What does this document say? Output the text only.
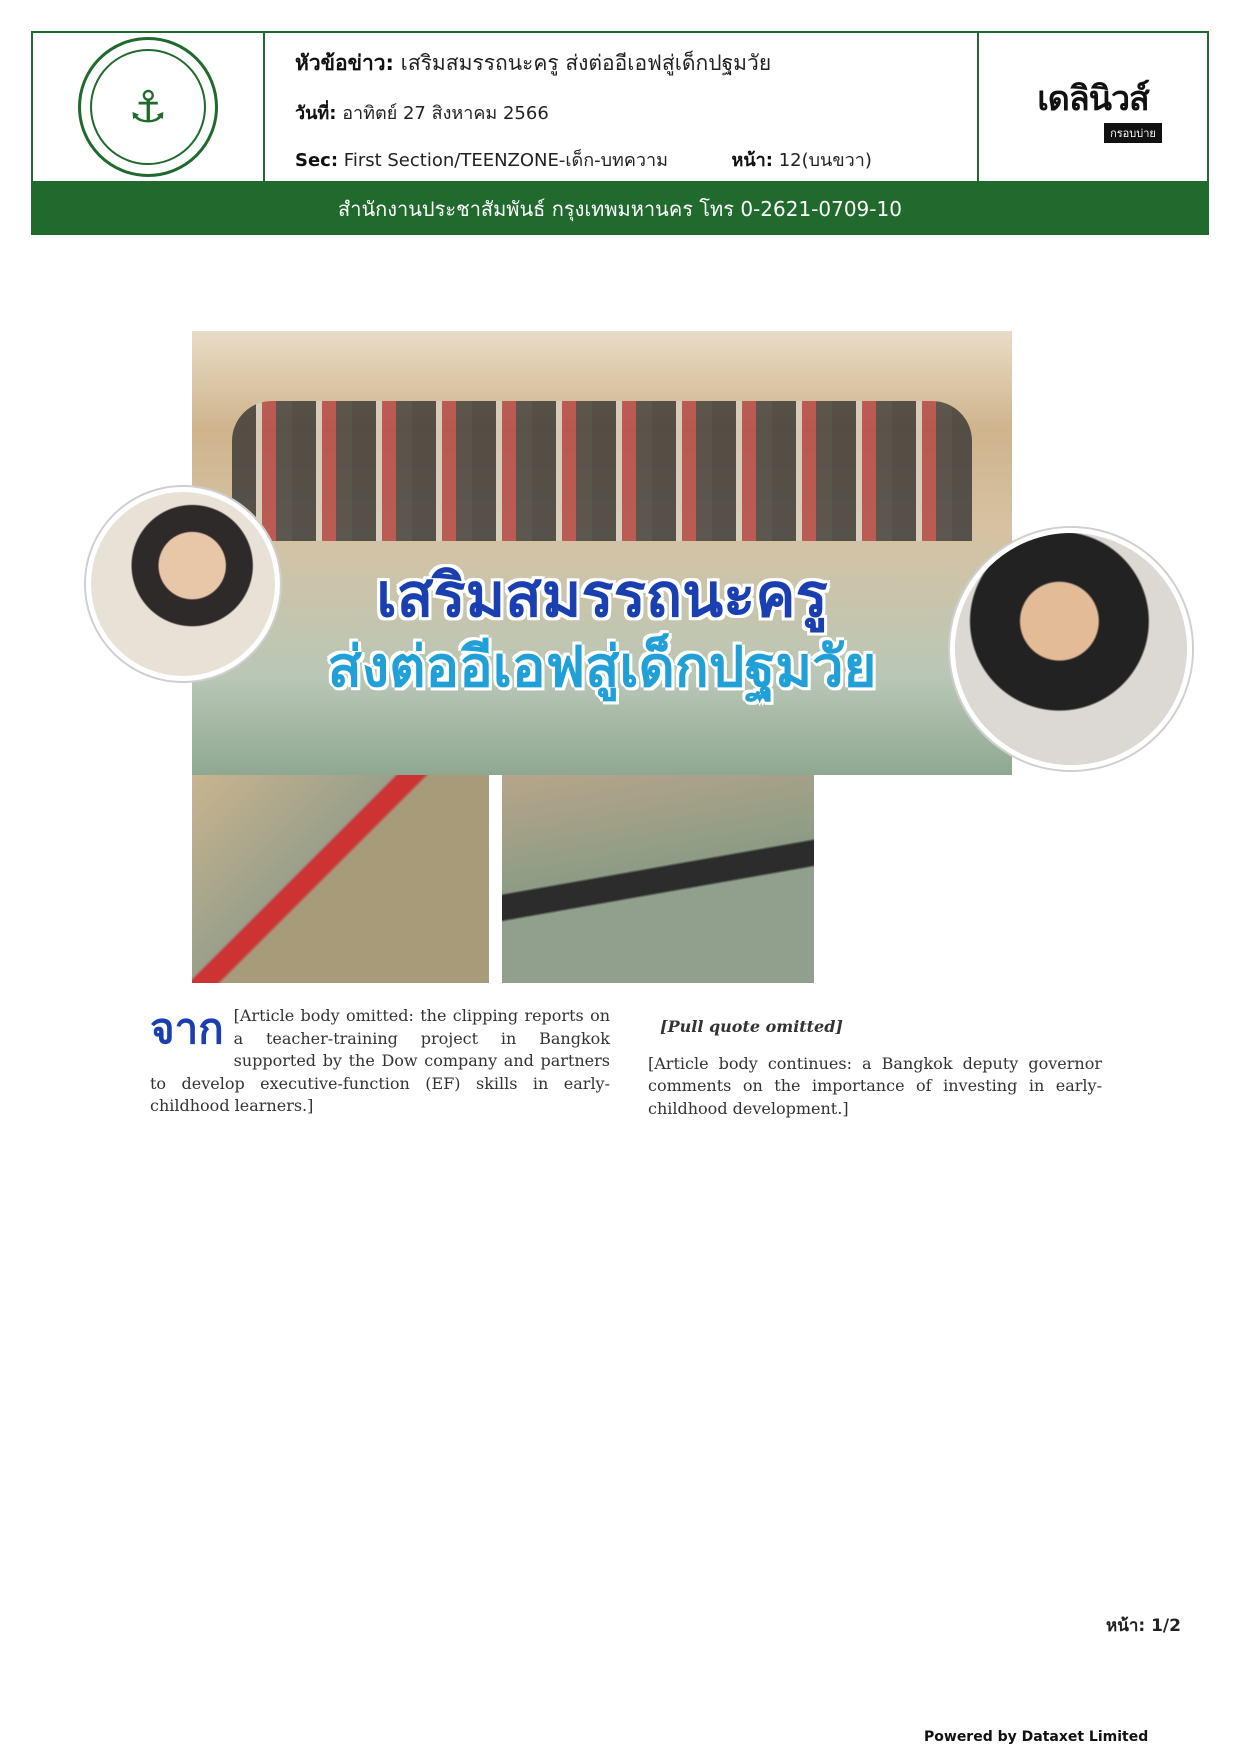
⚓
หัวข้อข่าว: เสริมสมรรถนะครู ส่งต่ออีเอฟสู่เด็กปฐมวัย
วันที่: อาทิตย์ 27 สิงหาคม 2566
Sec: First Section/TEENZONE-เด็ก-บทความ	หน้า: 12(บนขวา)
เดลินิวส์
กรอบบ่าย
สำนักงานประชาสัมพันธ์ กรุงเทพมหานคร โทร 0-2621-0709-10
เสริมสมรรถนะครู
ส่งต่ออีเอฟสู่เด็กปฐมวัย
จาก [Article body omitted: the clipping reports on a teacher-training project in Bangkok supported by the Dow company and partners to develop executive-function (EF) skills in early-childhood learners.]

[Pull quote omitted]

[Article body continues: a Bangkok deputy governor comments on the importance of investing in early-childhood development.]

หน้า: 1/2
Powered by Dataxet Limited
